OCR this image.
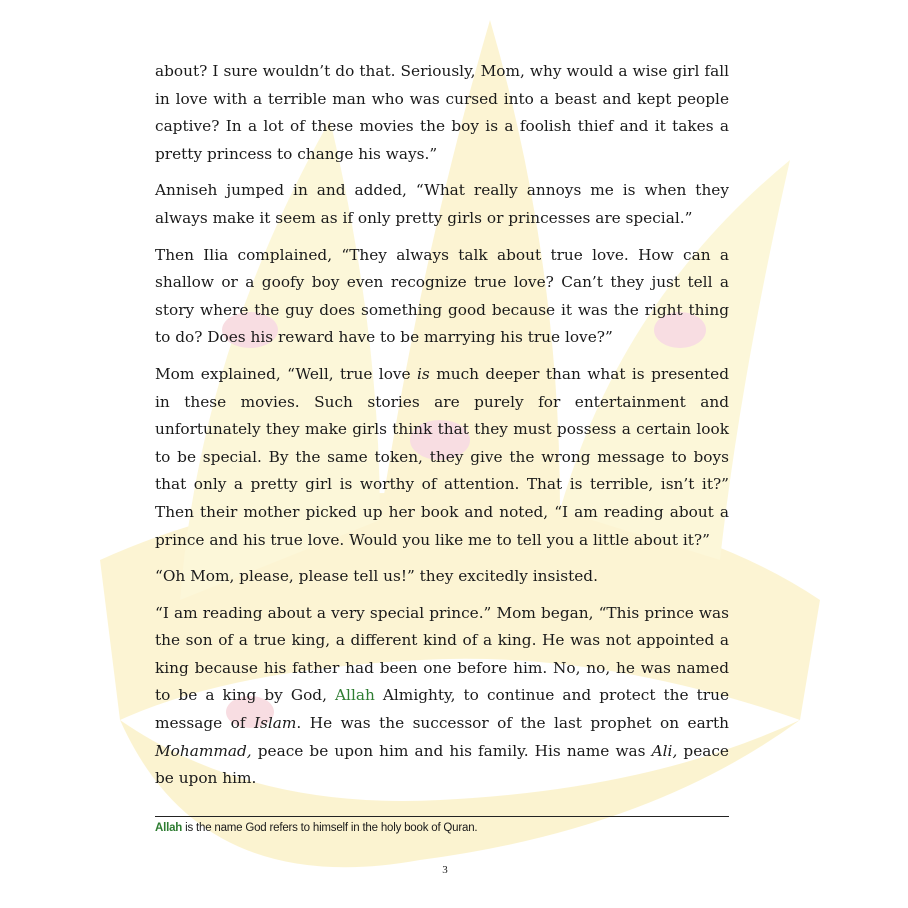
about? I sure wouldn’t do that. Seriously, Mom, why would a wise girl fall in love with a terrible man who was cursed into a beast and kept people captive? In a lot of these movies the boy is a foolish thief and it takes a pretty princess to change his ways.”

Anniseh jumped in and added, “What really annoys me is when they always make it seem as if only pretty girls or princesses are special.”

Then Ilia complained, “They always talk about true love. How can a shallow or a goofy boy even recognize true love? Can’t they just tell a story where the guy does something good because it was the right thing to do? Does his reward have to be marrying his true love?”

Mom explained, “Well, true love is much deeper than what is presented in these movies. Such stories are purely for entertainment and unfortunately they make girls think that they must possess a certain look to be special. By the same token, they give the wrong message to boys that only a pretty girl is worthy of attention. That is terrible, isn’t it?” Then their mother picked up her book and noted, “I am reading about a prince and his true love. Would you like me to tell you a little about it?”

“Oh Mom, please, please tell us!” they excitedly insisted.

“I am reading about a very special prince.” Mom began, “This prince was the son of a true king, a different kind of a king. He was not appointed a king because his father had been one before him. No, no, he was named to be a king by God, Allah Almighty, to continue and protect the true message of Islam. He was the successor of the last prophet on earth Mohammad, peace be upon him and his family. His name was Ali, peace be upon him.

Allah is the name God refers to himself in the holy book of Quran.
3
